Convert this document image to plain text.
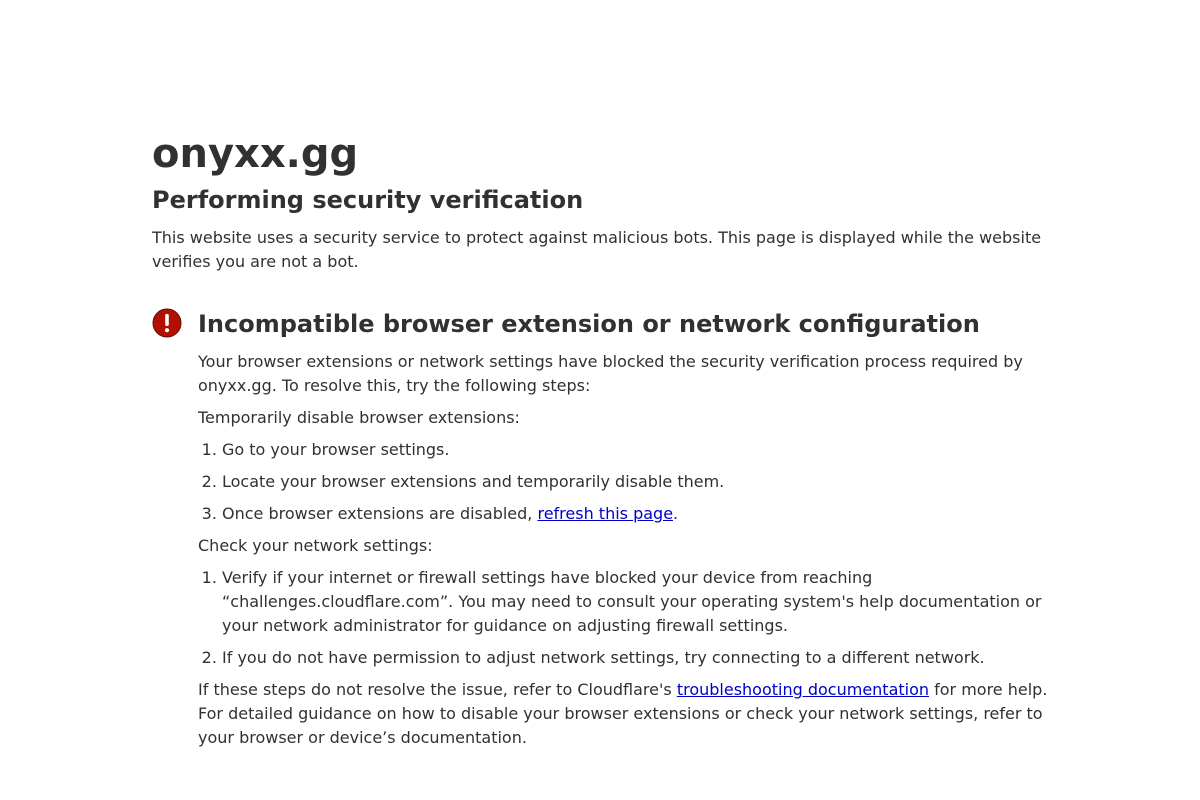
onyxx.gg
Performing security verification

This website uses a security service to protect against malicious bots. This page is displayed while the website verifies you are not a bot.

Incompatible browser extension or network configuration

Your browser extensions or network settings have blocked the security verification process required by onyxx.gg. To resolve this, try the following steps:

Temporarily disable browser extensions:

1. Go to your browser settings.
2. Locate your browser extensions and temporarily disable them.
3. Once browser extensions are disabled, refresh this page.

Check your network settings:

1. Verify if your internet or firewall settings have blocked your device from reaching “challenges.cloudflare.com”. You may need to consult your operating system's help documentation or your network administrator for guidance on adjusting firewall settings.
2. If you do not have permission to adjust network settings, try connecting to a different network.

If these steps do not resolve the issue, refer to Cloudflare's troubleshooting documentation for more help. For detailed guidance on how to disable your browser extensions or check your network settings, refer to your browser or device’s documentation.
